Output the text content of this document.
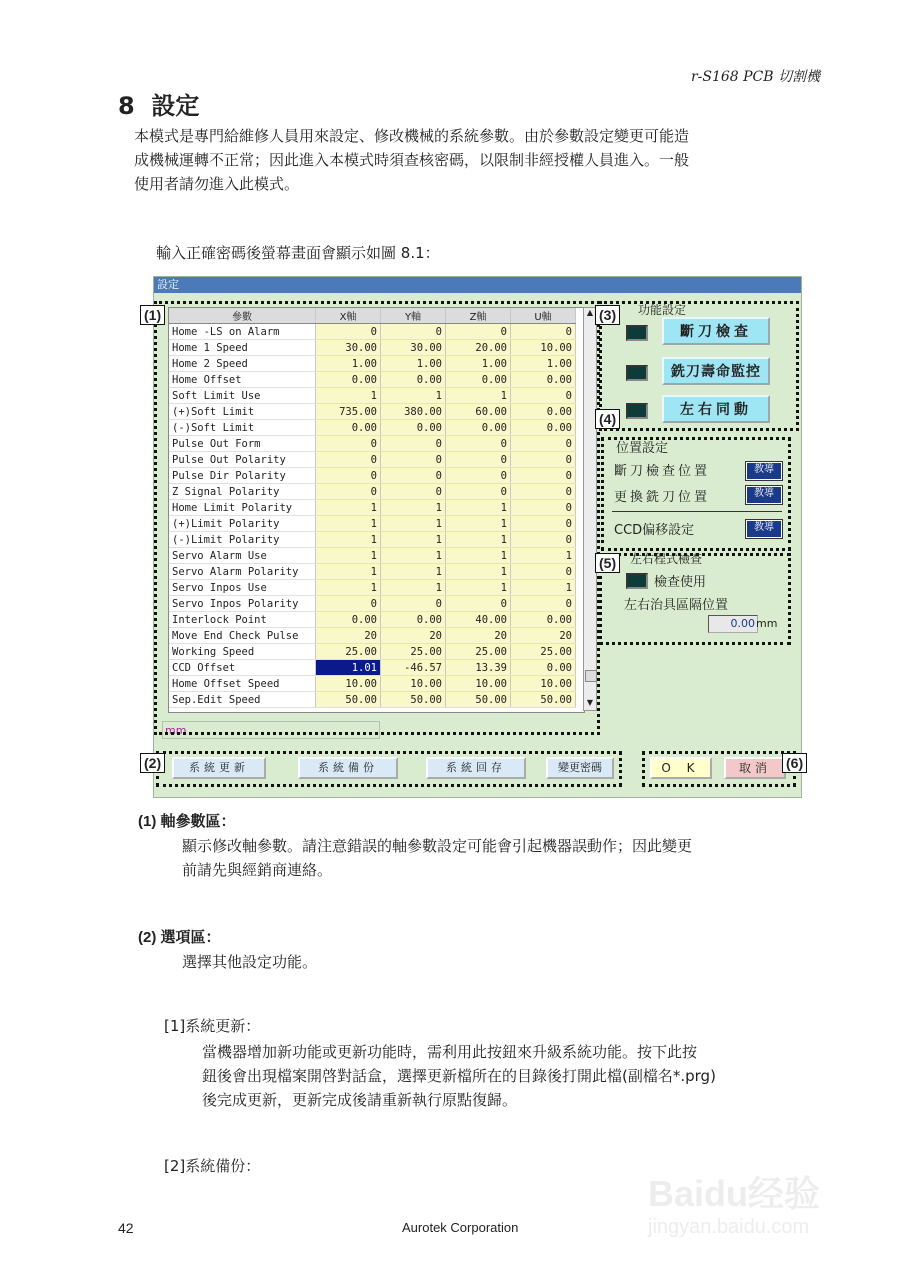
r-S168 PCB 切割機
8 設定
本模式是專門給維修人員用來設定、修改機械的系統參數。由於參數設定變更可能造
成機械運轉不正常；因此進入本模式時須查核密碼，以限制非經授權人員進入。一般
使用者請勿進入此模式。
輸入正確密碼後螢幕畫面會顯示如圖 8.1：
設定
參數	X軸	Y軸	Z軸	U軸
Home -LS on Alarm	0	0	0	0
Home 1 Speed	30.00	30.00	20.00	10.00
Home 2 Speed	1.00	1.00	1.00	1.00
Home Offset	0.00	0.00	0.00	0.00
Soft Limit Use	1	1	1	0
(+)Soft Limit	735.00	380.00	60.00	0.00
(-)Soft Limit	0.00	0.00	0.00	0.00
Pulse Out Form	0	0	0	0
Pulse Out Polarity	0	0	0	0
Pulse Dir Polarity	0	0	0	0
Z Signal Polarity	0	0	0	0
Home Limit Polarity	1	1	1	0
(+)Limit Polarity	1	1	1	0
(-)Limit Polarity	1	1	1	0
Servo Alarm Use	1	1	1	1
Servo Alarm Polarity	1	1	1	0
Servo Inpos Use	1	1	1	1
Servo Inpos Polarity	0	0	0	0
Interlock Point	0.00	0.00	40.00	0.00
Move End Check Pulse	20	20	20	20
Working Speed	25.00	25.00	25.00	25.00
CCD Offset	1.01	-46.57	13.39	0.00
Home Offset Speed	10.00	10.00	10.00	10.00
Sep.Edit Speed	50.00	50.00	50.00	50.00
▲
▼
mm
(1)	(3)	功能設定
斷刀檢查
銑刀壽命監控
左右同動
(4)
位置設定
斷刀檢查位置	教導
更換銑刀位置	教導
CCD偏移設定	教導
(5)	左右程式檢查
檢查使用
左右治具區隔位置
0.00 mm
(2)	系統更新	系統備份	系統回存	變更密碼	O K	取消	(6)
(1) 軸參數區：
顯示修改軸參數。請注意錯誤的軸參數設定可能會引起機器誤動作；因此變更
前請先與經銷商連絡。
(2) 選項區：
選擇其他設定功能。
[1]系統更新：
當機器增加新功能或更新功能時，需利用此按鈕來升級系統功能。按下此按
鈕後會出現檔案開啓對話盒，選擇更新檔所在的目錄後打開此檔(副檔名*.prg)
後完成更新，更新完成後請重新執行原點復歸。
[2]系統備份：
Baidu经验
jingyan.baidu.com
42	Aurotek Corporation
